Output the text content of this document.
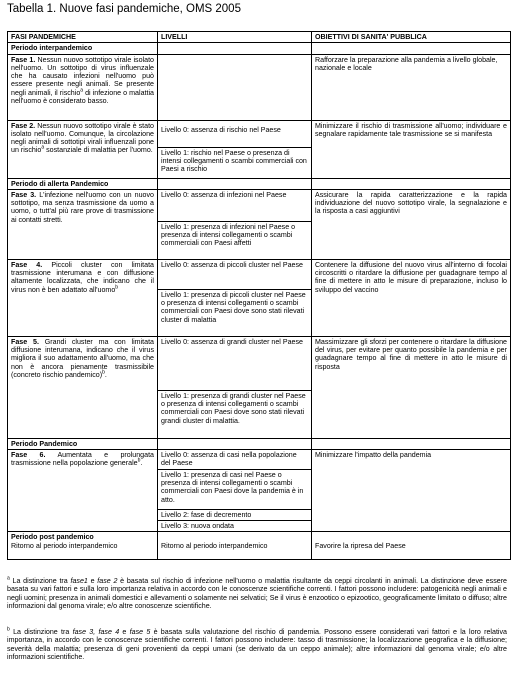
Tabella 1. Nuove fasi pandemiche, OMS 2005
FASI PANDEMICHE	LIVELLI	OBIETTIVI DI SANITA' PUBBLICA
Periodo interpandemico		
Fase 1. Nessun nuovo sottotipo virale isolato nell'uomo. Un sottotipo di virus influenzale che ha causato infezioni nell'uomo può essere presente negli animali. Se presente negli animali, il rischio$^a$ di infezione o malattia nell'uomo è considerato basso.		Rafforzare la preparazione alla pandemia a livello globale, nazionale e locale
Fase 2. Nessun nuovo sottotipo virale è stato isolato nell'uomo. Comunque, la circolazione negli animali di sottotipi virali influenzali pone un rischio$^a$ sostanziale di malattia per l'uomo.	Livello 0: assenza di rischio nel Paese	Minimizzare il rischio di trasmissione all'uomo; individuare e segnalare rapidamente tale trasmissione se si manifesta
	Livello 1: rischio nel Paese o presenza di intensi collegamenti o scambi commerciali con Paesi a rischio	
Periodo di allerta Pandemico		
Fase 3. L'infezione nell'uomo con un nuovo sottotipo, ma senza trasmissione da uomo a uomo, o tutt'al più rare prove di trasmissione ai contatti stretti.	Livello 0: assenza di infezioni nel Paese	Assicurare la rapida caratterizzazione e la rapida individuazione del nuovo sottotipo virale, la segnalazione e la risposta a casi aggiuntivi
	Livello 1: presenza di infezioni nel Paese o presenza di intensi collegamenti o scambi commerciali con Paesi affetti	
Fase 4. Piccoli cluster con limitata trasmissione interumana e con diffusione altamente localizzata, che indicano che il virus non è ben adattato all'uomo$^b$	Livello 0: assenza di piccoli cluster nel Paese	Contenere la diffusione del nuovo virus all'interno di focolai circoscritti o ritardare la diffusione per guadagnare tempo al fine di mettere in atto le misure di preparazione, incluso lo sviluppo del vaccino
	Livello 1: presenza di piccoli cluster nel Paese o presenza di intensi collegamenti o scambi commerciali con Paesi dove sono stati rilevati cluster di malattia	
Fase 5. Grandi cluster ma con limitata diffusione interumana, indicano che il virus migliora il suo adattamento all'uomo, ma che non è ancora pienamente trasmissibile (concreto rischio pandemico)$^b$.	Livello 0: assenza di grandi cluster nel Paese	Massimizzare gli sforzi per contenere o ritardare la diffusione del virus, per evitare per quanto possibile la pandemia e per guadagnare tempo al fine di mettere in atto le misure di risposta
	Livello 1: presenza di grandi cluster nel Paese o presenza di intensi collegamenti o scambi commerciali con Paesi dove sono stati rilevati grandi cluster di malattia.	
Periodo Pandemico		
Fase 6. Aumentata e prolungata trasmissione nella popolazione generale$^b$.	Livello 0: assenza di casi nella popolazione del Paese	Minimizzare l'impatto della pandemia
	Livello 1: presenza di casi nel Paese o presenza di intensi collegamenti o scambi commerciali con Paesi dove la pandemia è in atto.	
	Livello 2: fase di decremento	
	Livello 3: nuova ondata	
Periodo post pandemico
Ritorno al periodo interpandemico	Ritorno al periodo interpandemico	Favorire la ripresa del Paese
$^a$ La distinzione tra fase1 e fase 2 è basata sul rischio di infezione nell'uomo o malattia risultante da ceppi circolanti in animali. La distinzione deve essere basata su vari fattori e sulla loro importanza relativa in accordo con le conoscenze scientifiche correnti. I fattori possono includere: patogenicità negli animali e negli uomini; presenza in animali domestici e allevamenti o solamente nei selvatici; Se il virus è enzootico o epizootico, geograficamente limitato o diffuso; altre informazioni dal genoma virale; e/o altre conoscenze scientifiche.
$^b$ La distinzione tra fase 3, fase 4 e fase 5 è basata sulla valutazione del rischio di pandemia. Possono essere considerati vari fattori e la loro relativa importanza, in accordo con le conoscenze scientifiche correnti. I fattori possono includere: tasso di trasmissione; la localizzazione geografica e la diffusione; severità della malattia; presenza di geni provenienti da ceppi umani (se derivato da un ceppo animale); altre informazioni dal genoma virale; e/o altre informazioni scientifiche.
